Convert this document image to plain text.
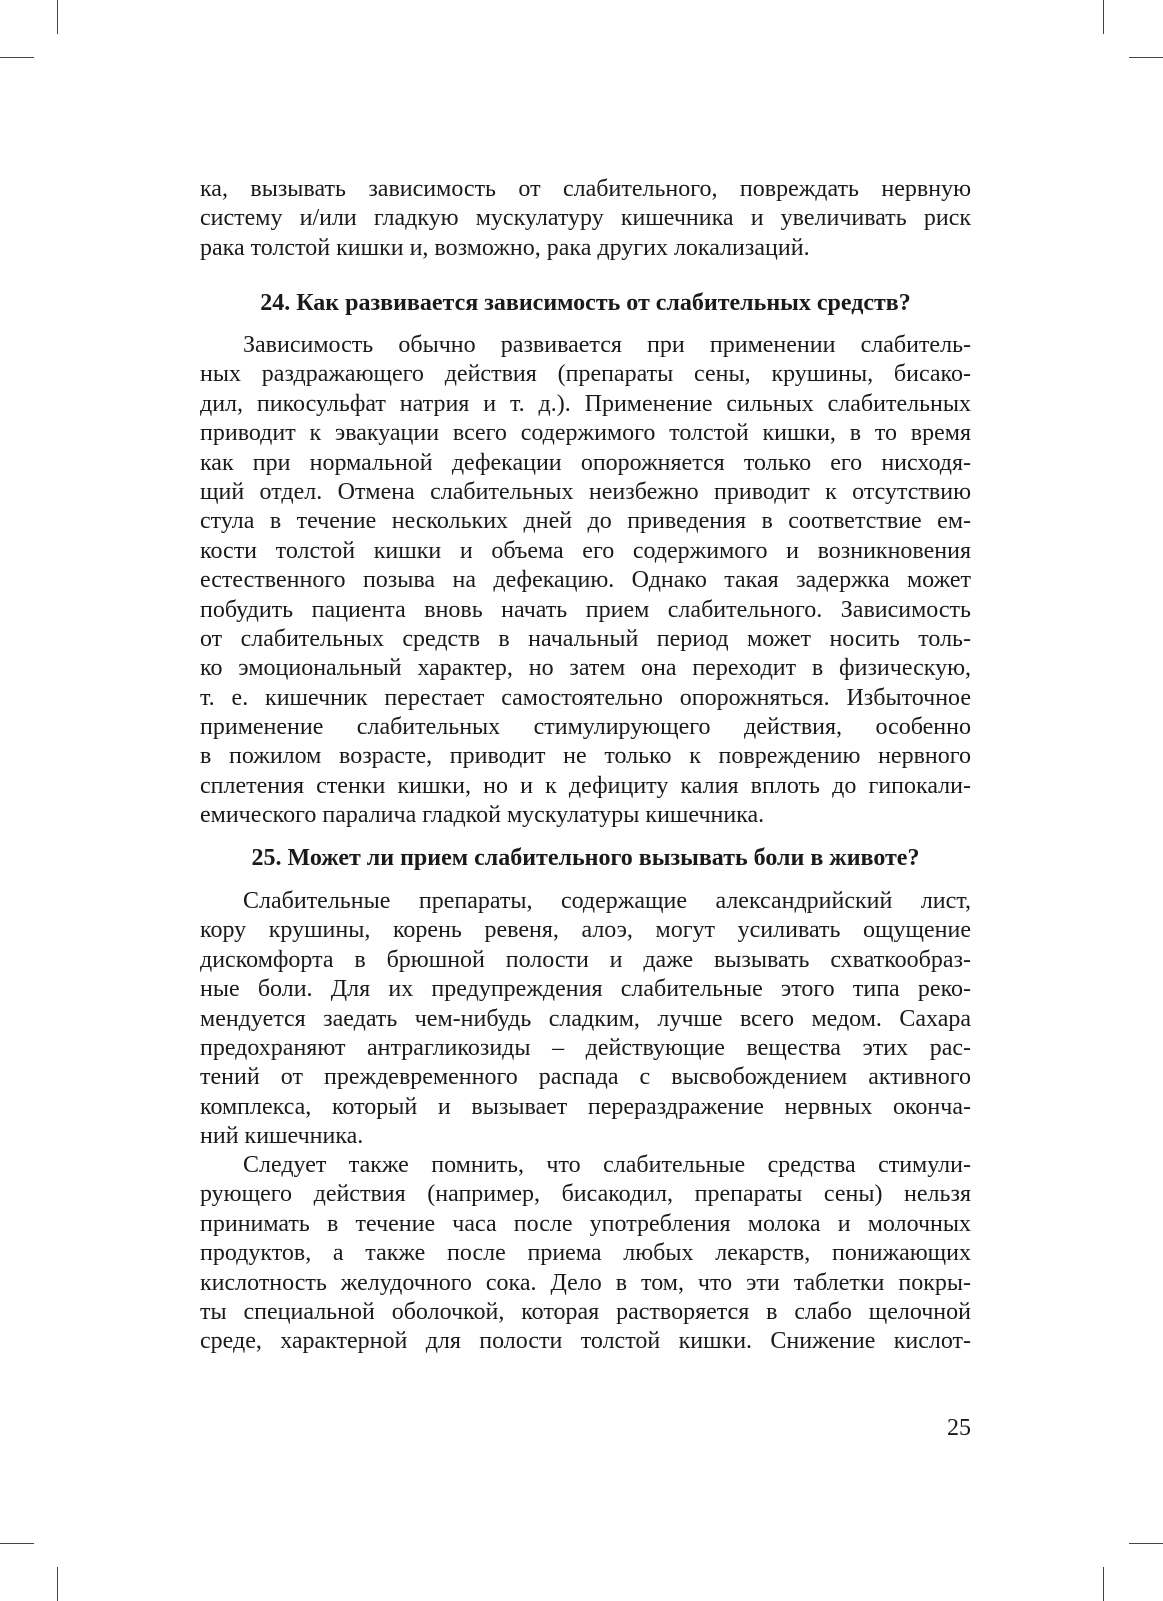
ка, вызывать зависимость от слабительного, повреждать нервную
систему и/или гладкую мускулатуру кишечника и увеличивать риск
рака толстой кишки и, возможно, рака других локализаций.
24. Как развивается зависимость от слабительных средств?
Зависимость обычно развивается при применении слабитель-
ных раздражающего действия (препараты сены, крушины, бисако-
дил, пикосульфат натрия и т. д.). Применение сильных слабительных
приводит к эвакуации всего содержимого толстой кишки, в то время
как при нормальной дефекации опорожняется только его нисходя-
щий отдел. Отмена слабительных неизбежно приводит к отсутствию
стула в течение нескольких дней до приведения в соответствие ем-
кости толстой кишки и объема его содержимого и возникновения
естественного позыва на дефекацию. Однако такая задержка может
побудить пациента вновь начать прием слабительного. Зависимость
от слабительных средств в начальный период может носить толь-
ко эмоциональный характер, но затем она переходит в физическую,
т. е. кишечник перестает самостоятельно опорожняться. Избыточное
применение слабительных стимулирующего действия, особенно
в пожилом возрасте, приводит не только к повреждению нервного
сплетения стенки кишки, но и к дефициту калия вплоть до гипокали-
емического паралича гладкой мускулатуры кишечника.
25. Может ли прием слабительного вызывать боли в животе?
Слабительные препараты, содержащие александрийский лист,
кору крушины, корень ревеня, алоэ, могут усиливать ощущение
дискомфорта в брюшной полости и даже вызывать схваткообраз-
ные боли. Для их предупреждения слабительные этого типа реко-
мендуется заедать чем-нибудь сладким, лучше всего медом. Сахара
предохраняют антрагликозиды – действующие вещества этих рас-
тений от преждевременного распада с высвобождением активного
комплекса, который и вызывает перераздражение нервных оконча-
ний кишечника.
Следует также помнить, что слабительные средства стимули-
рующего действия (например, бисакодил, препараты сены) нельзя
принимать в течение часа после употребления молока и молочных
продуктов, а также после приема любых лекарств, понижающих
кислотность желудочного сока. Дело в том, что эти таблетки покры-
ты специальной оболочкой, которая растворяется в слабо щелочной
среде, характерной для полости толстой кишки. Снижение кислот-
25
